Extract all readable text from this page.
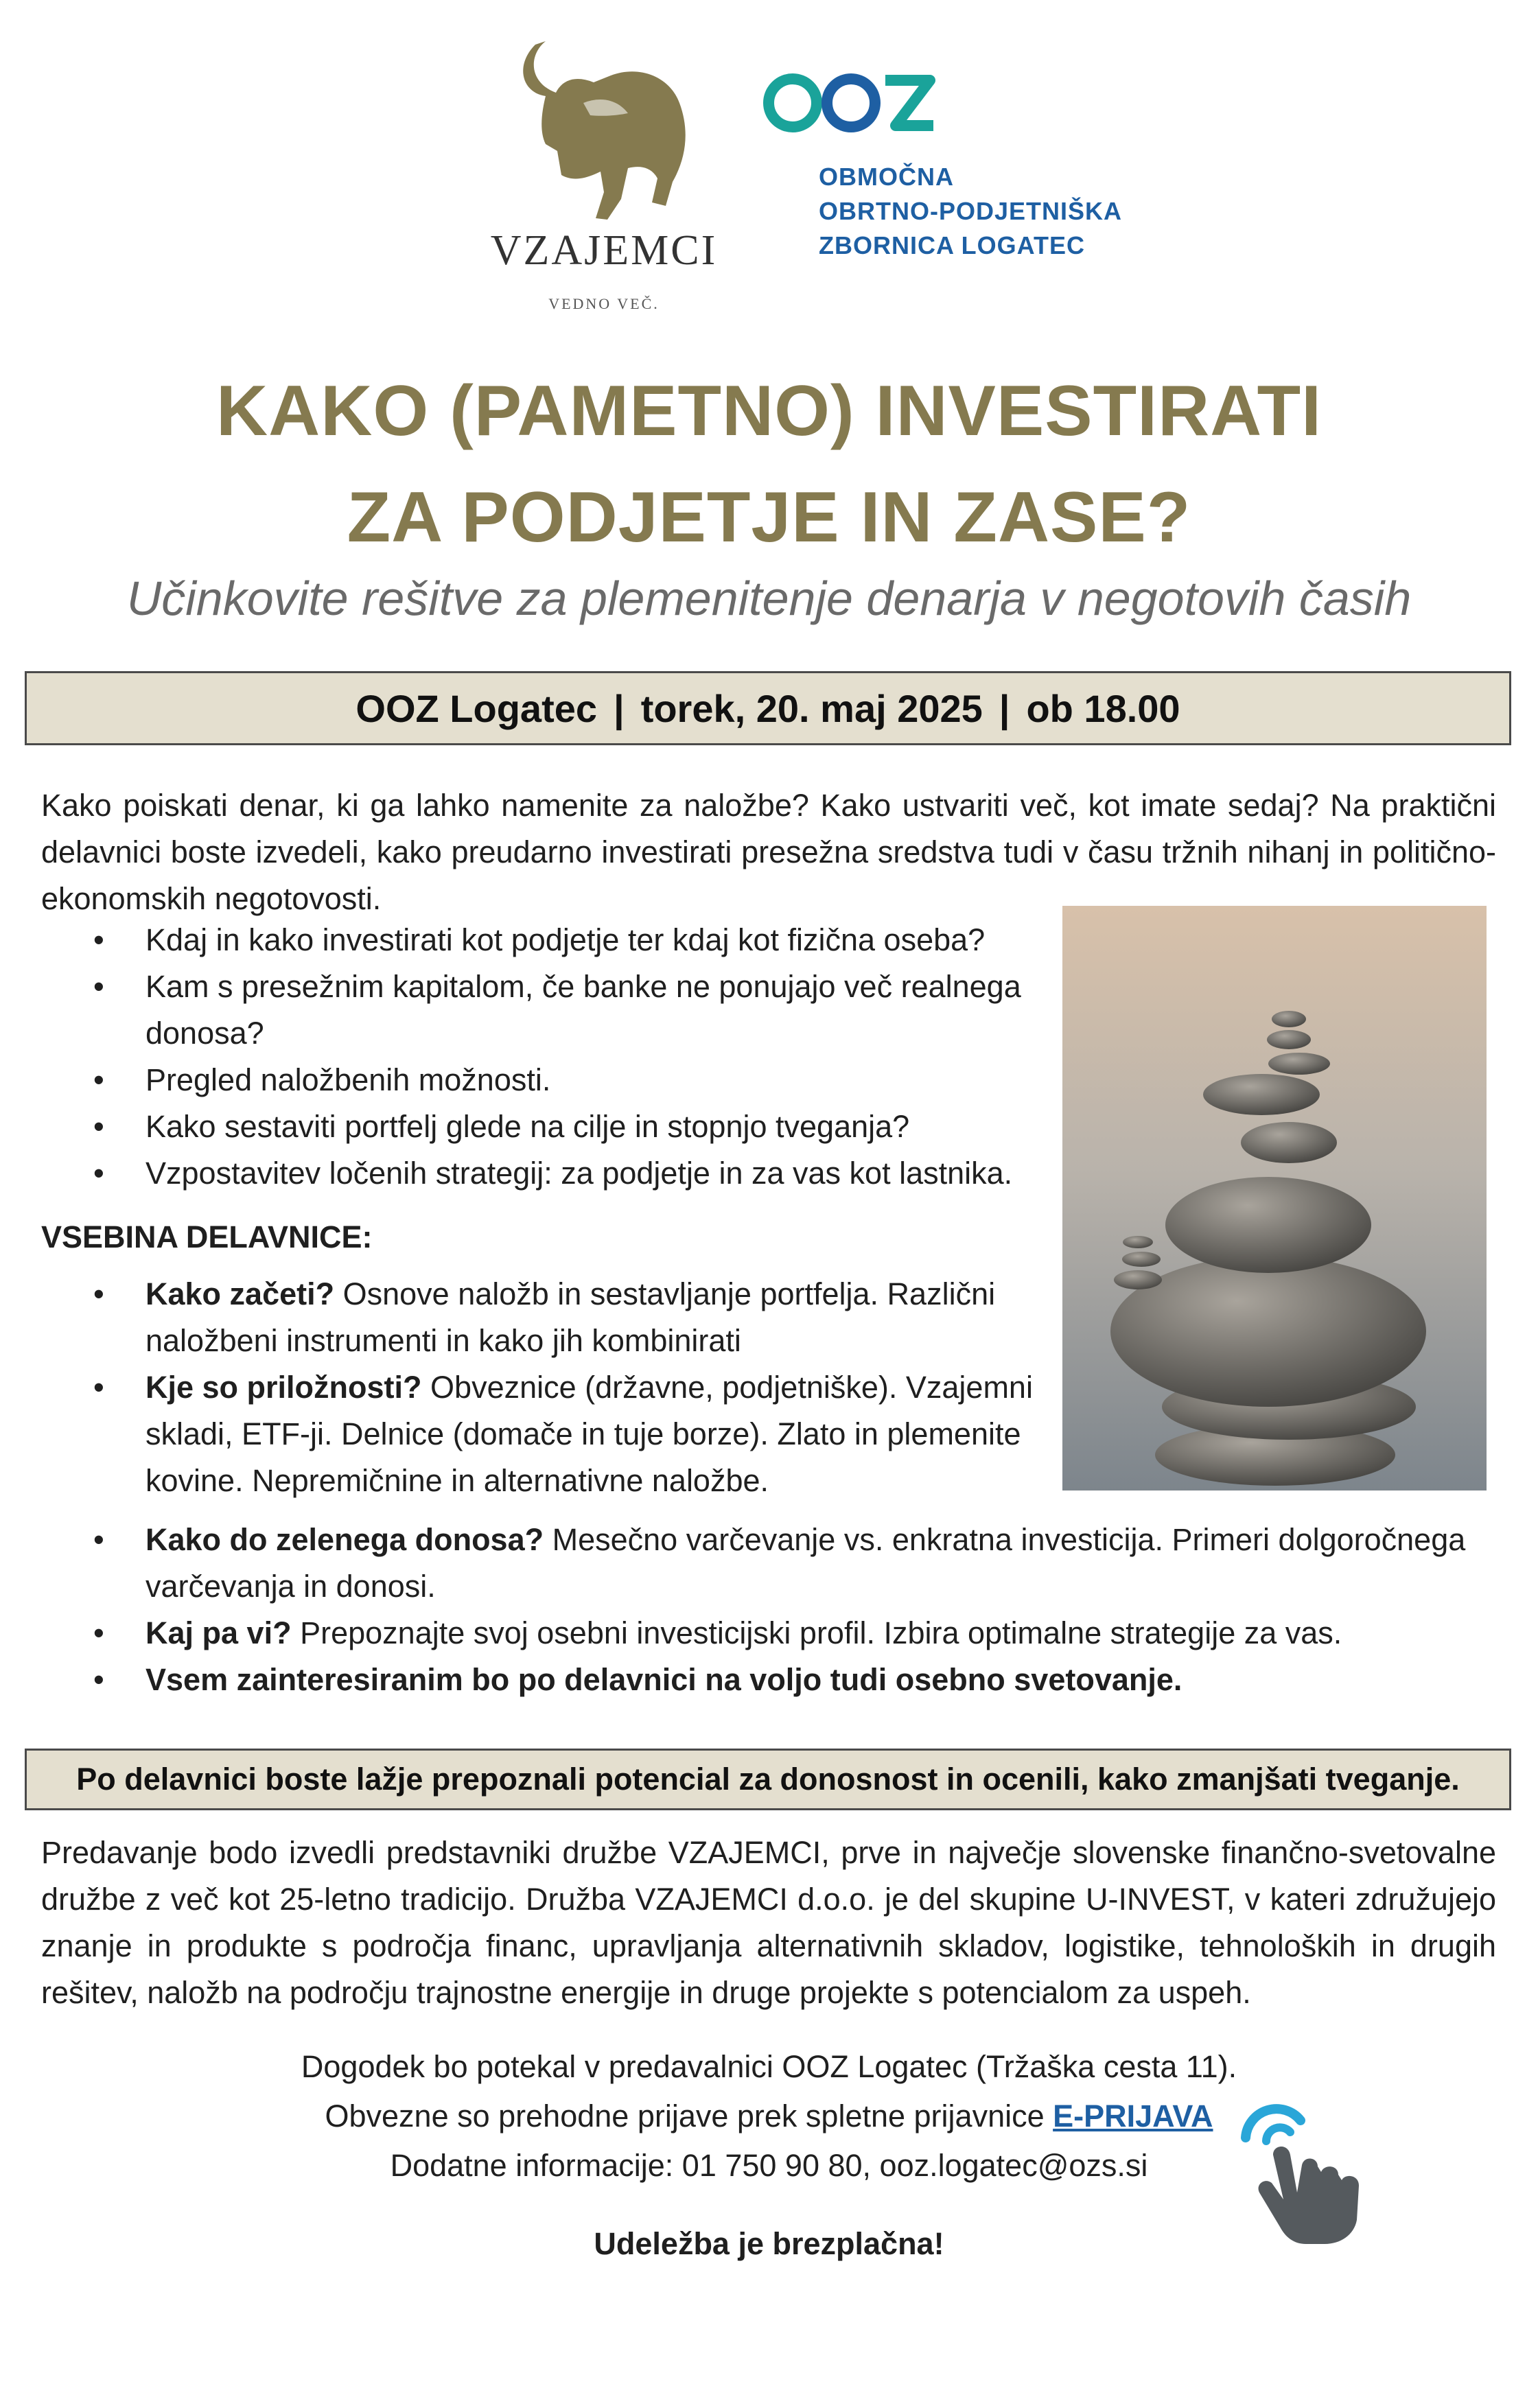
VZAJEMCI
VEDNO VEČ.
OBMOČNA
OBRTNO-PODJETNIŠKA
ZBORNICA LOGATEC
KAKO (PAMETNO) INVESTIRATI
ZA PODJETJE IN ZASE?
Učinkovite rešitve za plemenitenje denarja v negotovih časih
OOZ Logatec | torek, 20. maj 2025 | ob 18.00
Kako poiskati denar, ki ga lahko namenite za naložbe? Kako ustvariti več, kot imate sedaj? Na praktični delavnici boste izvedeli, kako preudarno investirati presežna sredstva tudi v času tržnih nihanj in politično-ekonomskih negotovosti.
• Kdaj in kako investirati kot podjetje ter kdaj kot fizična oseba?
• Kam s presežnim kapitalom, če banke ne ponujajo več realnega donosa?
• Pregled naložbenih možnosti.
• Kako sestaviti portfelj glede na cilje in stopnjo tveganja?
• Vzpostavitev ločenih strategij: za podjetje in za vas kot lastnika.
VSEBINA DELAVNICE:
• Kako začeti? Osnove naložb in sestavljanje portfelja. Različni naložbeni instrumenti in kako jih kombinirati
• Kje so priložnosti? Obveznice (državne, podjetniške). Vzajemni skladi, ETF-ji. Delnice (domače in tuje borze). Zlato in plemenite kovine. Nepremičnine in alternativne naložbe.
• Kako do zelenega donosa? Mesečno varčevanje vs. enkratna investicija. Primeri dolgoročnega varčevanja in donosi.
• Kaj pa vi? Prepoznajte svoj osebni investicijski profil. Izbira optimalne strategije za vas.
• Vsem zainteresiranim bo po delavnici na voljo tudi osebno svetovanje.
Po delavnici boste lažje prepoznali potencial za donosnost in ocenili, kako zmanjšati tveganje.
Predavanje bodo izvedli predstavniki družbe VZAJEMCI, prve in največje slovenske finančno-svetovalne družbe z več kot 25-letno tradicijo. Družba VZAJEMCI d.o.o. je del skupine U-INVEST, v kateri združujejo znanje in produkte s področja financ, upravljanja alternativnih skladov, logistike, tehnoloških in drugih rešitev, naložb na področju trajnostne energije in druge projekte s potencialom za uspeh.
Dogodek bo potekal v predavalnici OOZ Logatec (Tržaška cesta 11).
Obvezne so prehodne prijave prek spletne prijavnice E-PRIJAVA
Dodatne informacije: 01 750 90 80, ooz.logatec@ozs.si
Udeležba je brezplačna!
